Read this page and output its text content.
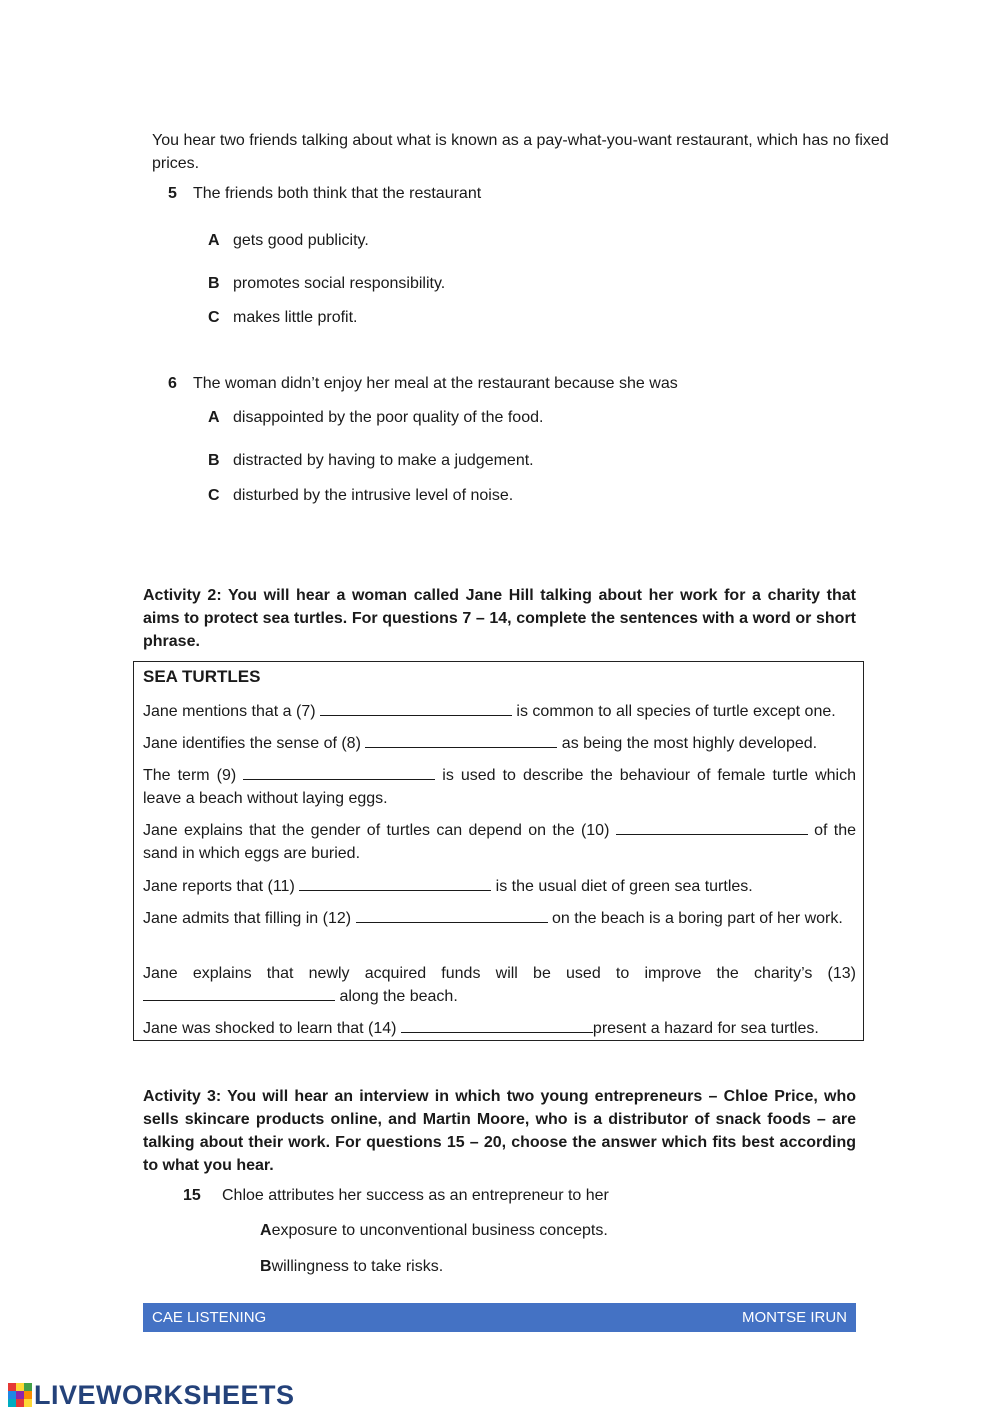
You hear two friends talking about what is known as a pay-what-you-want restaurant, which has no fixed prices.
5 The friends both think that the restaurant
A gets good publicity.
B promotes social responsibility.
C makes little profit.
6 The woman didn’t enjoy her meal at the restaurant because she was
A disappointed by the poor quality of the food.
B distracted by having to make a judgement.
C disturbed by the intrusive level of noise.
Activity 2: You will hear a woman called Jane Hill talking about her work for a charity that aims to protect sea turtles. For questions 7 – 14, complete the sentences with a word or short phrase.
SEA TURTLES
Jane mentions that a (7)	is common to all species of turtle except one.
Jane identifies the sense of (8)	as being the most highly developed.
The term (9)	is used to describe the behaviour of female turtle which leave a beach without laying eggs.
Jane explains that the gender of turtles can depend on the (10)	of the sand in which eggs are buried.
Jane reports that (11)	is the usual diet of green sea turtles.
Jane admits that filling in (12)	on the beach is a boring part of her work.
Jane explains that newly acquired funds will be used to improve the charity’s (13)  along the beach.
Jane was shocked to learn that (14)	present a hazard for sea turtles.
Activity 3: You will hear an interview in which two young entrepreneurs – Chloe Price, who sells skincare products online, and Martin Moore, who is a distributor of snack foods – are talking about their work. For questions 15 – 20, choose the answer which fits best according to what you hear.
15 Chloe attributes her success as an entrepreneur to her
Aexposure to unconventional business concepts.
Bwillingness to take risks.
CAE LISTENING	MONTSE IRUN
LIVEWORKSHEETS
